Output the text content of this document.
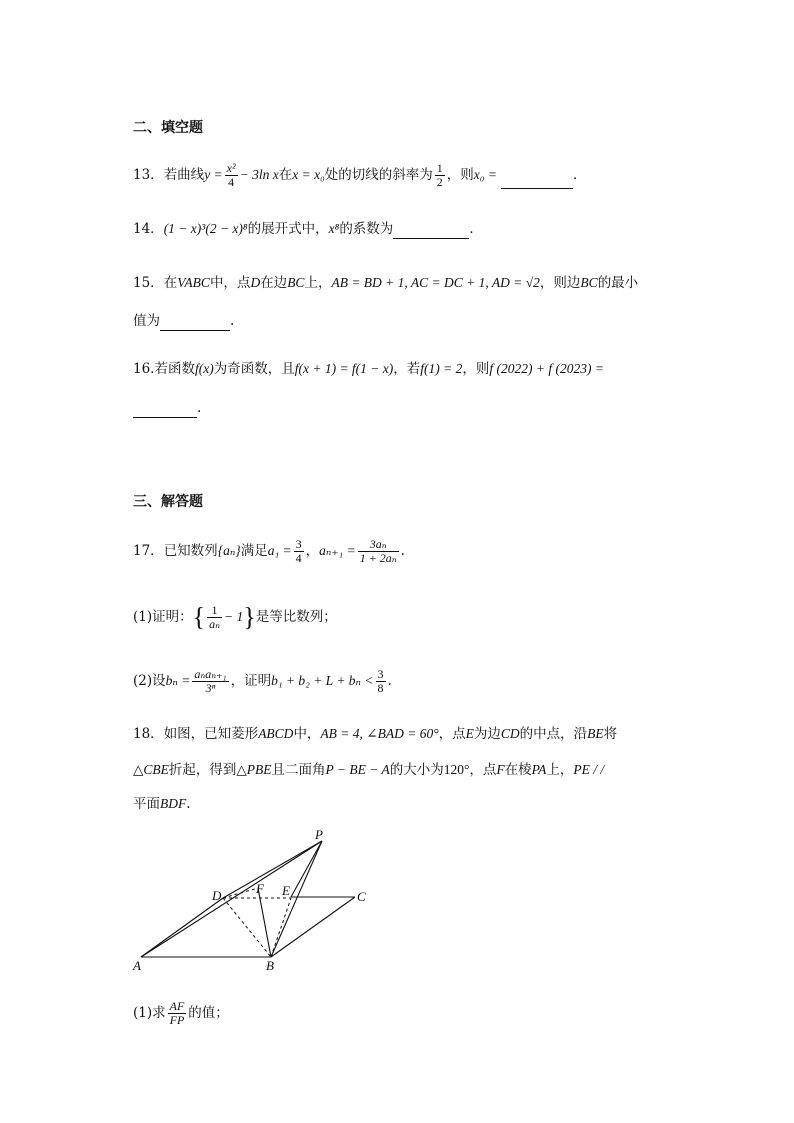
二、填空题
13．若曲线$y = \frac{\text{x²}}{4} - 3\ln$ x在x = x₀处的切线的斜率为 $\frac{1}{2}$ ，则x₀ =	．
14．(1 − x)³(2 − x)⁸的展开式中，x⁸的系数为	．
15．在VABC中，点D在边BC上，AB = BD + 1, AC = DC + 1, AD = √2，则边BC的最小
值为	.
16.若函数f(x)为奇函数，且f(x + 1) = f(1 − x)，若f(1) = 2，则f (2022) + f (2023) =
.
三、解答题
17．已知数列{aₙ}满足$a_1 = \frac{3}{4}$ ，$a_{n+1} = \frac{\text{3aₙ}}{\text{1 + 2aₙ}}$ .
(1)证明：{ $\frac{1}{\text{aₙ}} - 1$}是等比数列；
(2)设$b_n = \frac{\text{aₙaₙ₊₁}}{\text{3ⁿ}}$ ，证明$b_1 + b_2 + L + b_n < \frac{3}{8}$ .
18．如图，已知菱形ABCD中，AB = 4, ∠BAD = 60°，点E为边CD的中点，沿BE将
△CBE折起，得到△PBE且二面角P − BE − A的大小为120°，点F在棱PA上，PE / /
平面BDF.
P
D	F E	C
A	B
(1)求 $\frac{AF}{FP}$ 的值；
